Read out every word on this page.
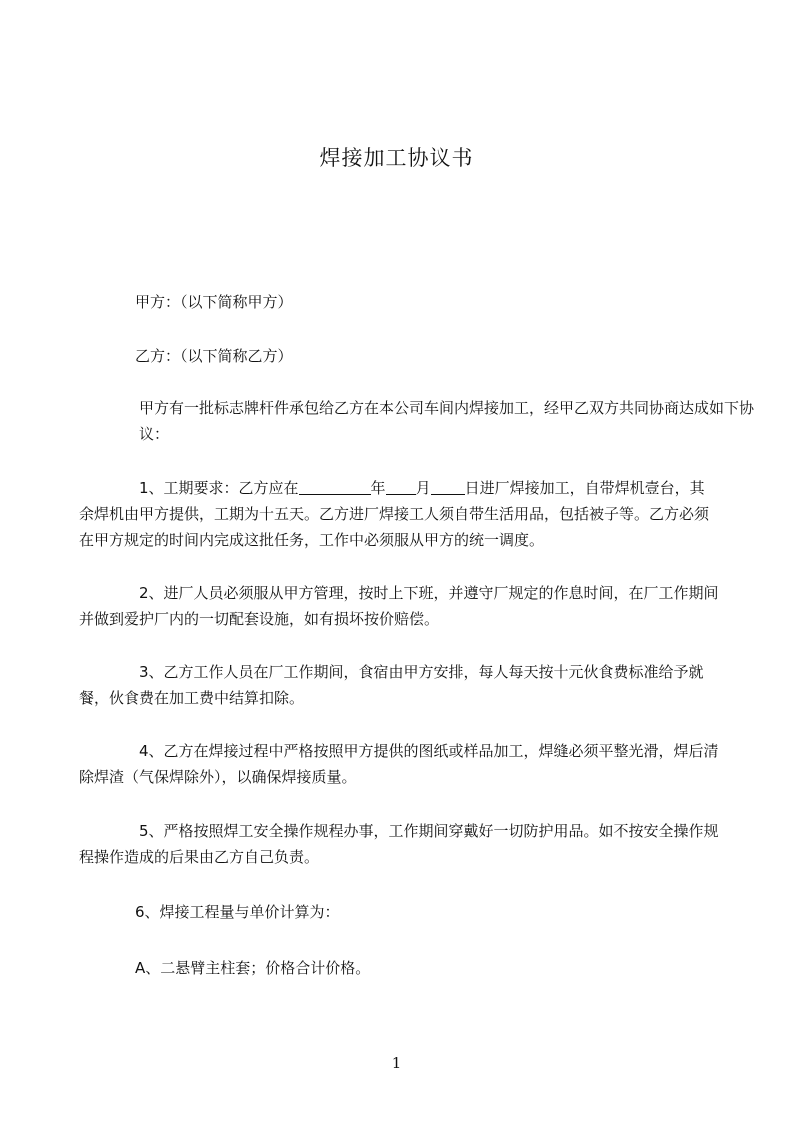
焊接加工协议书
甲方：（以下简称甲方）
乙方：（以下简称乙方）
甲方有一批标志牌杆件承包给乙方在本公司车间内焊接加工，经甲乙双方共同协商达成如下协议：
1、工期要求：乙方应在	年 月 日进厂焊接加工，自带焊机壹台，其余焊机由甲方提供，工期为十五天。乙方进厂焊接工人须自带生活用品，包括被子等。乙方必须在甲方规定的时间内完成这批任务，工作中必须服从甲方的统一调度。
2、进厂人员必须服从甲方管理，按时上下班，并遵守厂规定的作息时间，在厂工作期间并做到爱护厂内的一切配套设施，如有损坏按价赔偿。
3、乙方工作人员在厂工作期间，食宿由甲方安排，每人每天按十元伙食费标准给予就餐，伙食费在加工费中结算扣除。
4、乙方在焊接过程中严格按照甲方提供的图纸或样品加工，焊缝必须平整光滑，焊后清除焊渣（气保焊除外），以确保焊接质量。
5、严格按照焊工安全操作规程办事，工作期间穿戴好一切防护用品。如不按安全操作规程操作造成的后果由乙方自己负责。
6、焊接工程量与单价计算为：
A、二悬臂主柱套；价格合计价格。
1
